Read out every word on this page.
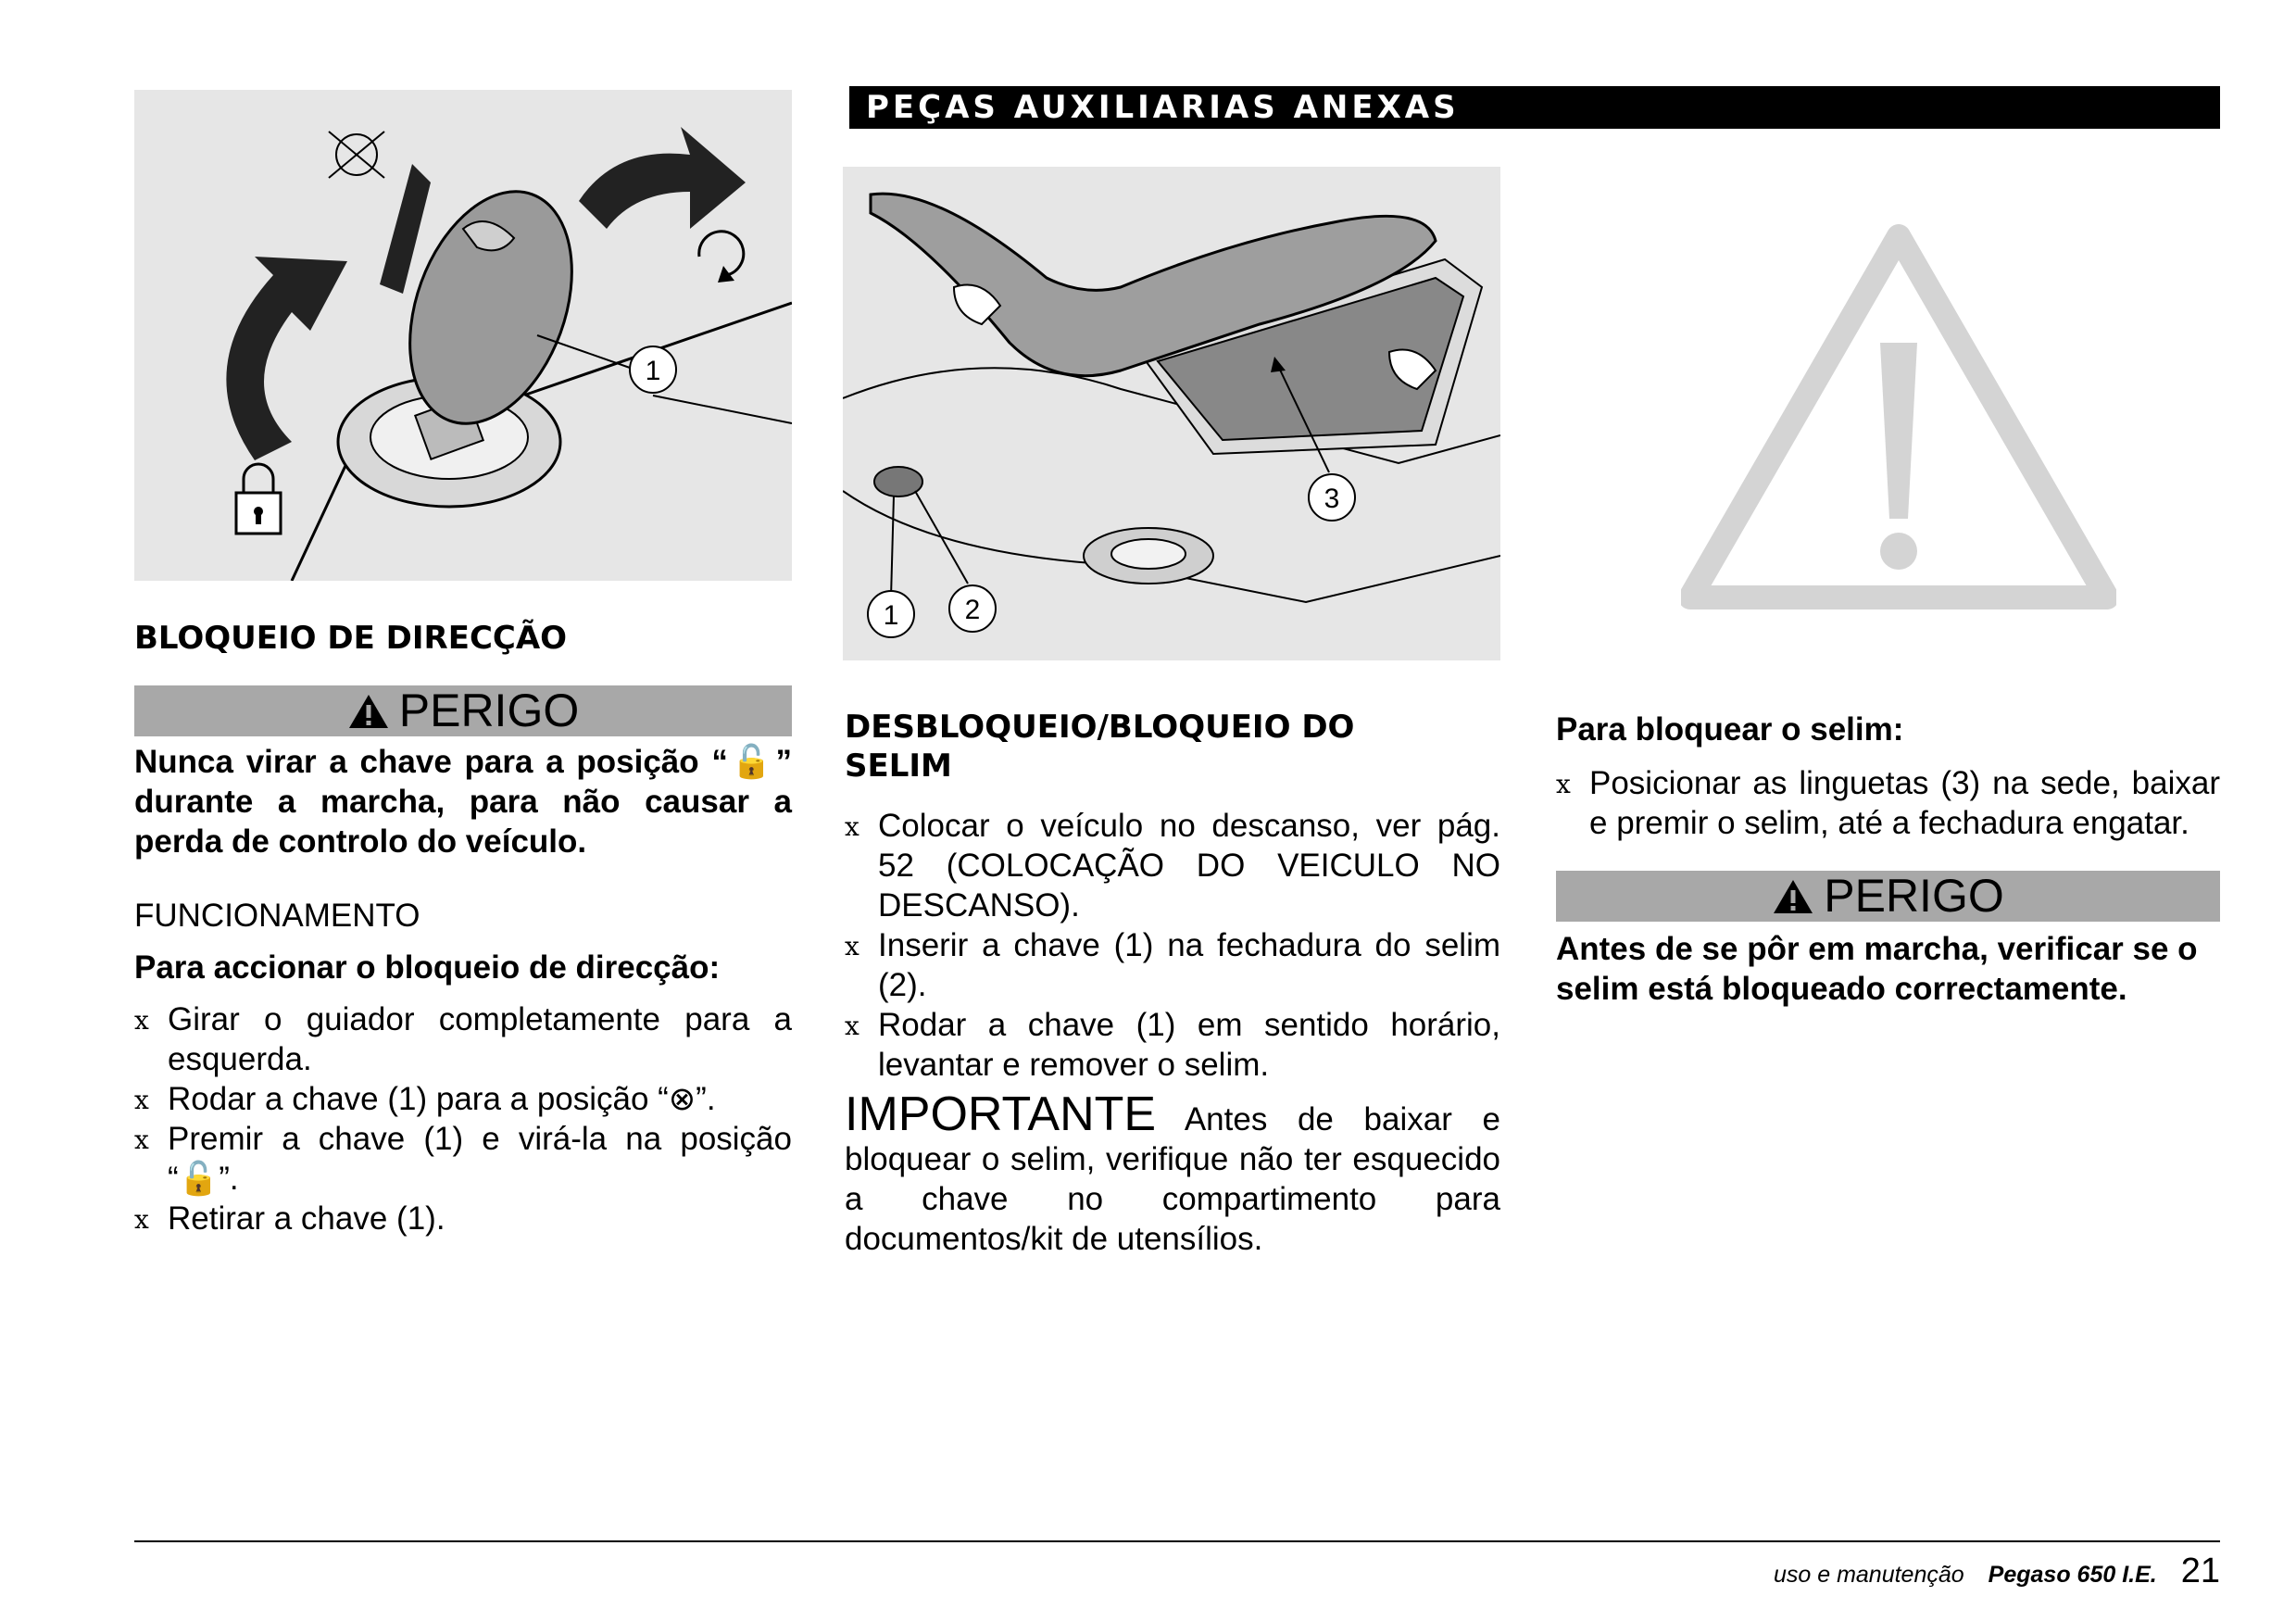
PEÇAS AUXILIARIAS ANEXAS
1
3
1 2
BLOQUEIO DE DIRECÇÃO
PERIGO

Nunca virar a chave para a posição “🔓” durante a marcha, para não causar a perda de controlo do veículo.

FUNCIONAMENTO

Para accionar o bloqueio de direcção:

x Girar o guiador completamente para a esquerda.
x Rodar a chave (1) para a posição “⊗”.
x Premir a chave (1) e virá-la na posição “🔓”.
x Retirar a chave (1).
DESBLOQUEIO/BLOQUEIO DO
SELIM
x Colocar o veículo no descanso, ver pág. 52 (COLOCAÇÃO DO VEICULO NO DESCANSO).
x Inserir a chave (1) na fechadura do selim (2).
x Rodar a chave (1) em sentido horário, levantar e remover o selim.

IMPORTANTE Antes de baixar e bloquear o selim, verifique não ter esquecido a chave no compartimento para documentos/kit de utensílios.

Para bloquear o selim:

x Posicionar as linguetas (3) na sede, baixar e premir o selim, até a fechadura engatar.
PERIGO

Antes de se pôr em marcha, verificar se o selim está bloqueado correctamente.

uso e manutenção Pegaso 650 I.E. 21
